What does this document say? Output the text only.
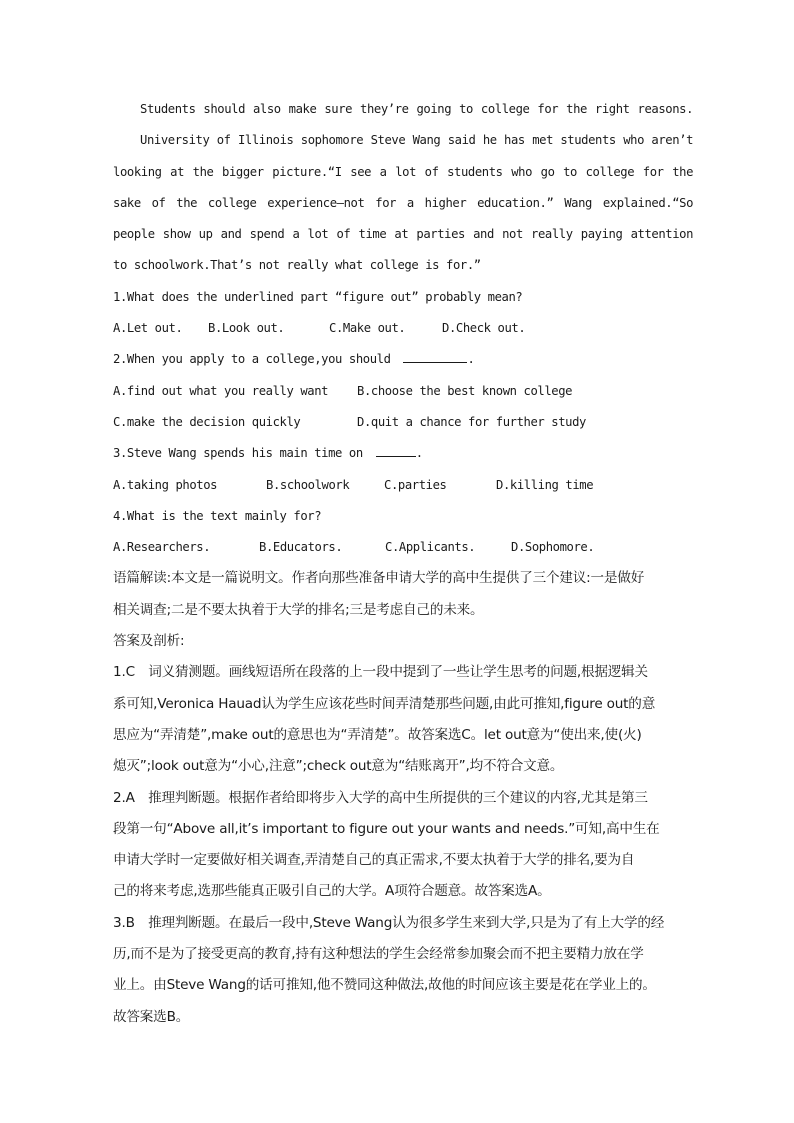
Students should also make sure they’re going to college for the right reasons.
University of Illinois sophomore Steve Wang said he has met students who aren’t
looking at the bigger picture.“I see a lot of students who go to college for the
sake of the college experience—not for a higher education.” Wang explained.“So
people show up and spend a lot of time at parties and not really paying attention
to schoolwork.That’s not really what college is for.”
1.What does the underlined part “figure out” probably mean?
A.Let out.	B.Look out.	C.Make out.	D.Check out.
2.When you apply to a college,you should	.
A.find out what you really want	B.choose the best known college
C.make the decision quickly	D.quit a chance for further study
3.Steve Wang spends his main time on	.
A.taking photos	B.schoolwork	C.parties	D.killing time
4.What is the text mainly for?
A.Researchers.	B.Educators.	C.Applicants.	D.Sophomore.
语篇解读:本文是一篇说明文。作者向那些准备申请大学的高中生提供了三个建议:一是做好
相关调查;二是不要太执着于大学的排名;三是考虑自己的未来。
答案及剖析:
1.C　词义猜测题。画线短语所在段落的上一段中提到了一些让学生思考的问题,根据逻辑关
系可知,Veronica Hauad认为学生应该花些时间弄清楚那些问题,由此可推知,figure out的意
思应为“弄清楚”,make out的意思也为“弄清楚”。故答案选C。let out意为“使出来,使(火)
熄灭”;look out意为“小心,注意”;check out意为“结账离开”,均不符合文意。
2.A　推理判断题。根据作者给即将步入大学的高中生所提供的三个建议的内容,尤其是第三
段第一句“Above all,it’s important to figure out your wants and needs.”可知,高中生在
申请大学时一定要做好相关调查,弄清楚自己的真正需求,不要太执着于大学的排名,要为自
己的将来考虑,选那些能真正吸引自己的大学。A项符合题意。故答案选A。
3.B　推理判断题。在最后一段中,Steve Wang认为很多学生来到大学,只是为了有上大学的经
历,而不是为了接受更高的教育,持有这种想法的学生会经常参加聚会而不把主要精力放在学
业上。由Steve Wang的话可推知,他不赞同这种做法,故他的时间应该主要是花在学业上的。
故答案选B。
